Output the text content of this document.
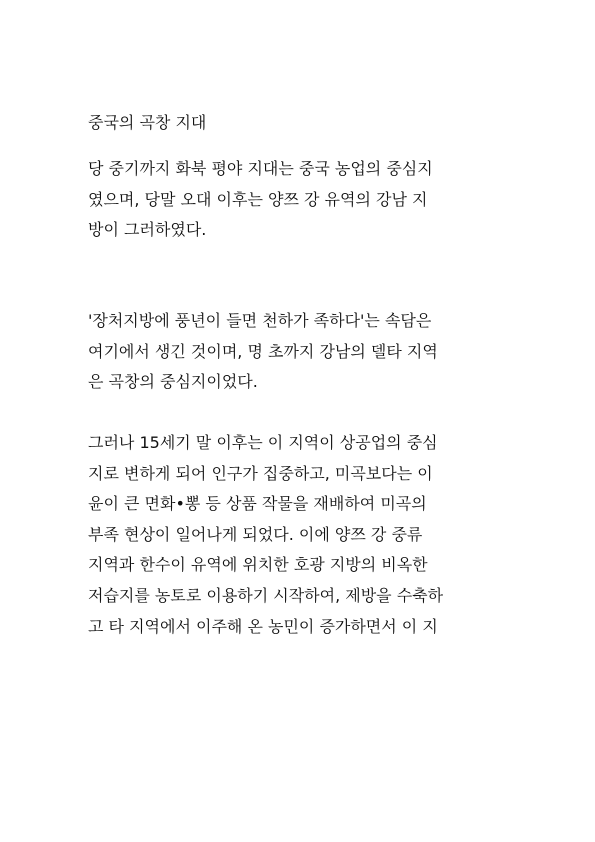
중국의 곡창 지대
당 중기까지 화북 평야 지대는 중국 농업의 중심지
였으며, 당말 오대 이후는 양쯔 강 유역의 강남 지
방이 그러하였다.
'장처지방에 풍년이 들면 천하가 족하다'는 속담은
여기에서 생긴 것이며, 명 초까지 강남의 델타 지역
은 곡창의 중심지이었다.
그러나 15세기 말 이후는 이 지역이 상공업의 중심
지로 변하게 되어 인구가 집중하고, 미곡보다는 이
윤이 큰 면화•뽕 등 상품 작물을 재배하여 미곡의
부족 현상이 일어나게 되었다. 이에 양쯔 강 중류
지역과 한수이 유역에 위치한 호광 지방의 비옥한
저습지를 농토로 이용하기 시작하여, 제방을 수축하
고 타 지역에서 이주해 온 농민이 증가하면서 이 지
